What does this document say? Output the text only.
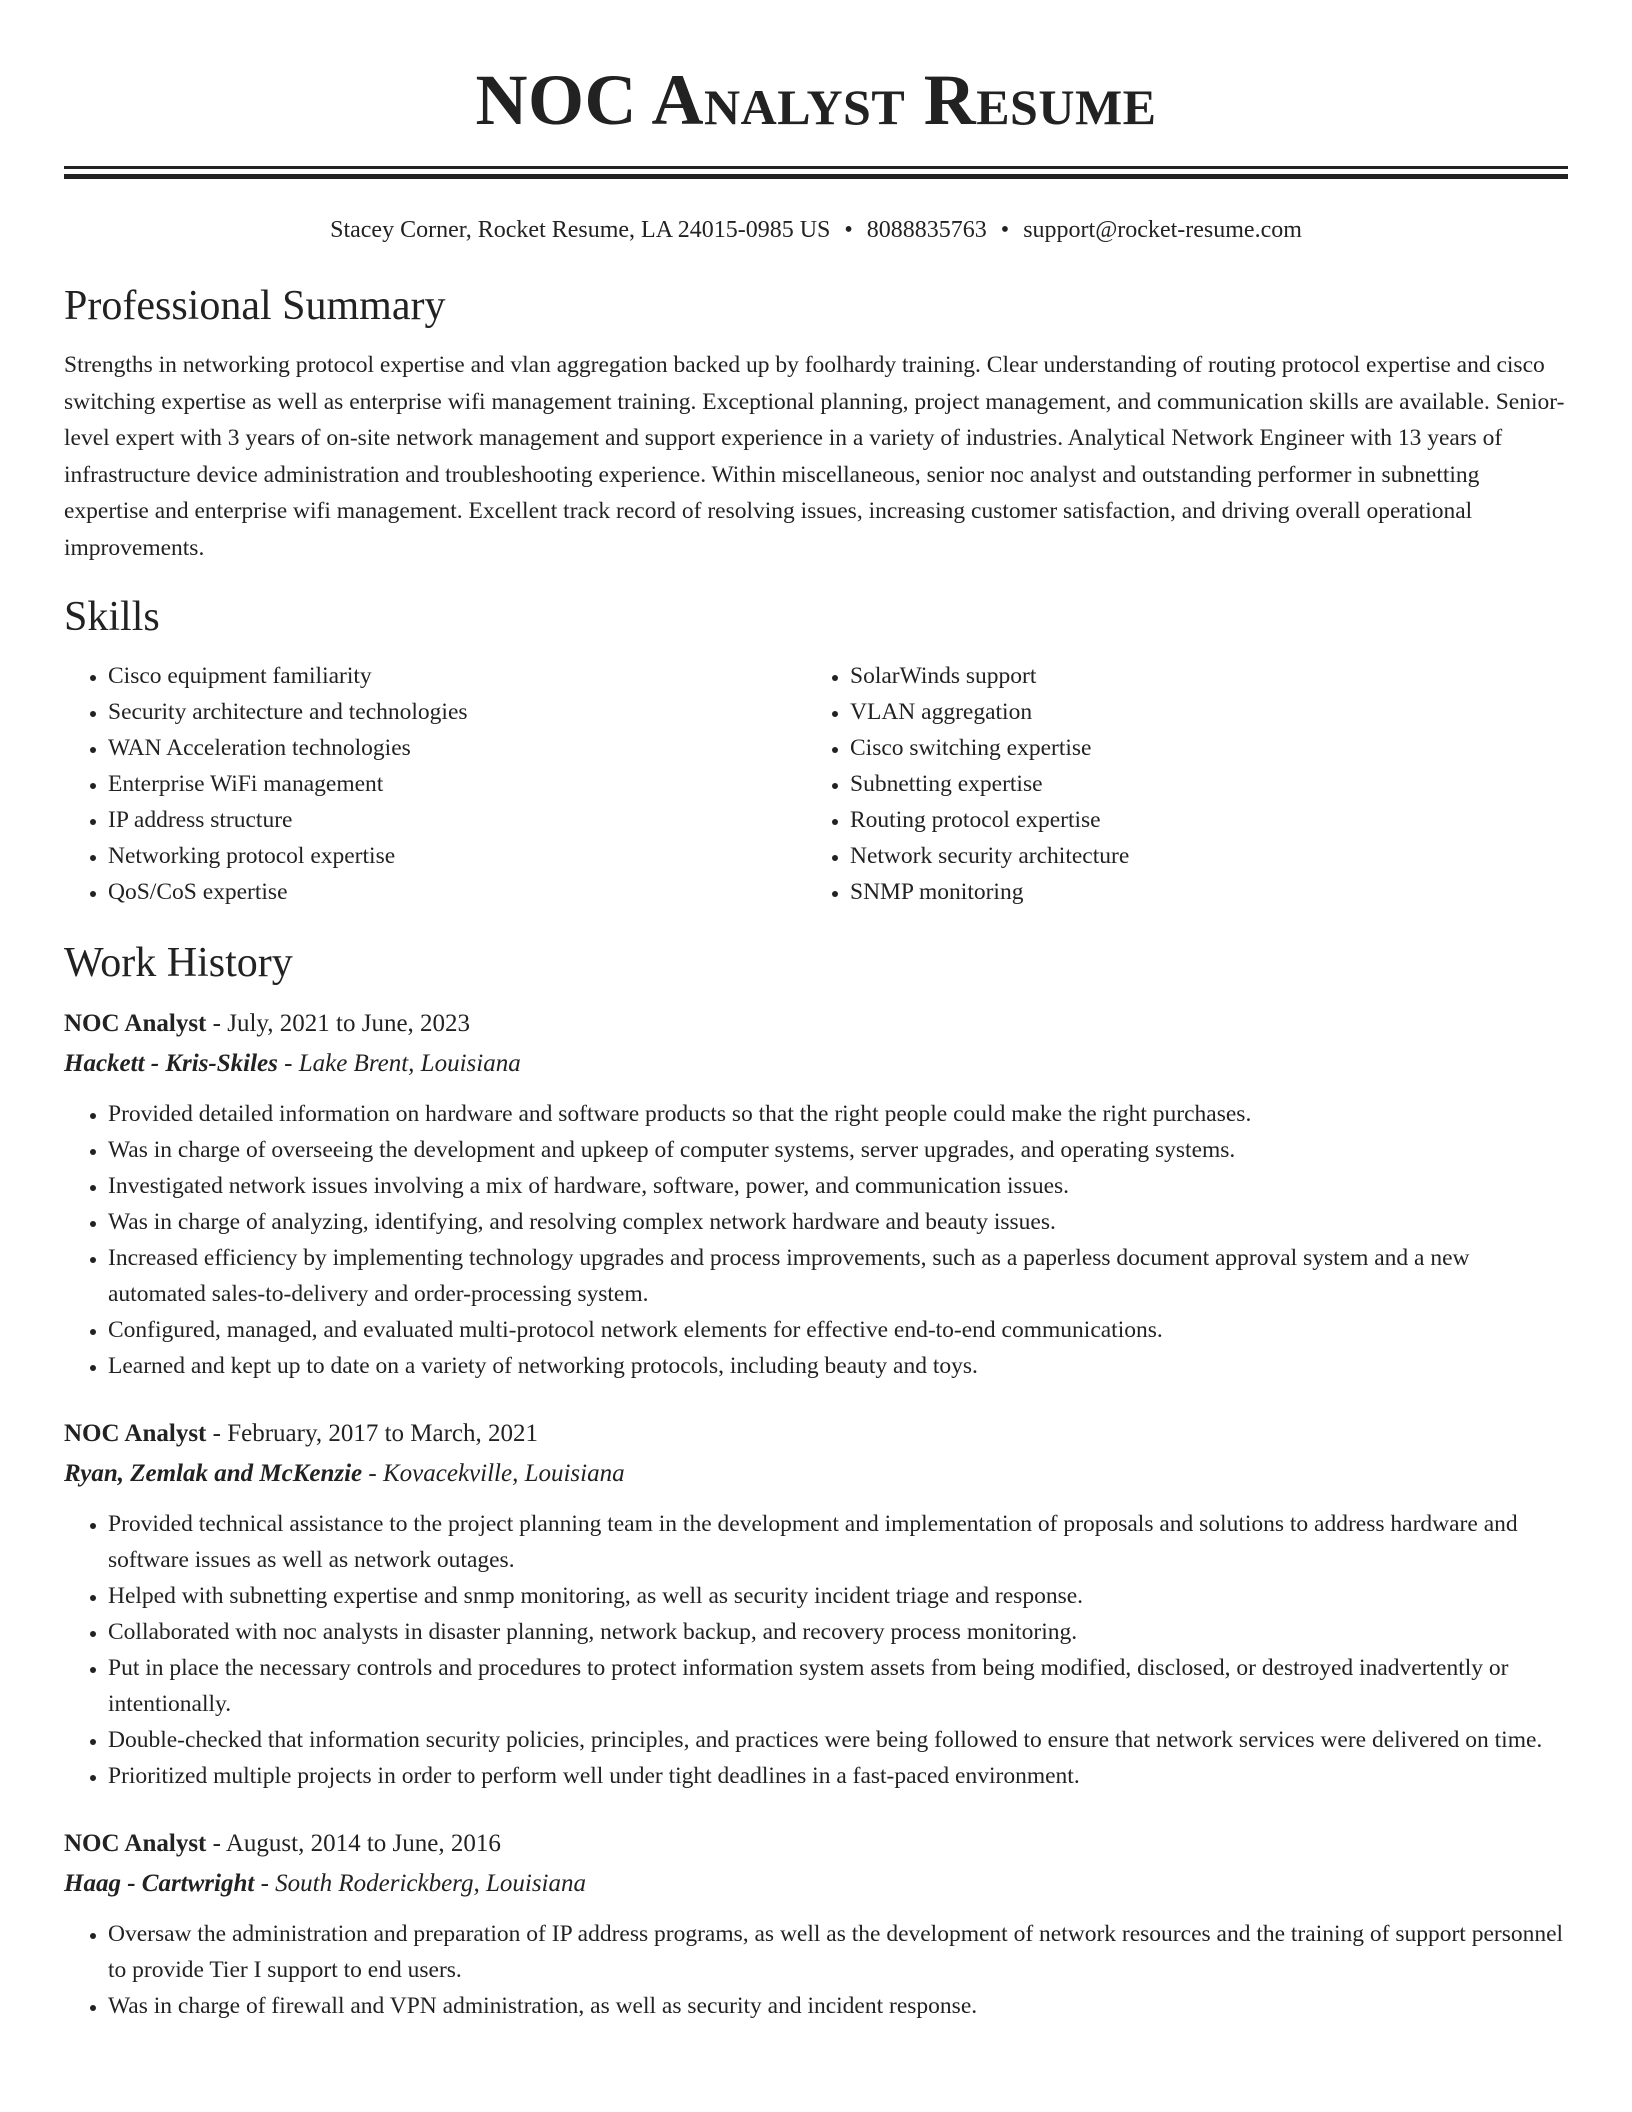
NOC Analyst Resume
Stacey Corner, Rocket Resume, LA 24015-0985 US • 8088835763 • support@rocket-resume.com
Professional Summary

Strengths in networking protocol expertise and vlan aggregation backed up by foolhardy training. Clear understanding of routing protocol expertise and cisco switching expertise as well as enterprise wifi management training. Exceptional planning, project management, and communication skills are available. Senior-level expert with 3 years of on-site network management and support experience in a variety of industries. Analytical Network Engineer with 13 years of infrastructure device administration and troubleshooting experience. Within miscellaneous, senior noc analyst and outstanding performer in subnetting expertise and enterprise wifi management. Excellent track record of resolving issues, increasing customer satisfaction, and driving overall operational improvements.

Skills
• Cisco equipment familiarity
• Security architecture and technologies
• WAN Acceleration technologies
• Enterprise WiFi management
• IP address structure
• Networking protocol expertise
• QoS/CoS expertise
• SolarWinds support
• VLAN aggregation
• Cisco switching expertise
• Subnetting expertise
• Routing protocol expertise
• Network security architecture
• SNMP monitoring
Work History
NOC Analyst - July, 2021 to June, 2023
Hackett - Kris-Skiles - Lake Brent, Louisiana
• Provided detailed information on hardware and software products so that the right people could make the right purchases.
• Was in charge of overseeing the development and upkeep of computer systems, server upgrades, and operating systems.
• Investigated network issues involving a mix of hardware, software, power, and communication issues.
• Was in charge of analyzing, identifying, and resolving complex network hardware and beauty issues.
• Increased efficiency by implementing technology upgrades and process improvements, such as a paperless document approval system and a new automated sales-to-delivery and order-processing system.
• Configured, managed, and evaluated multi-protocol network elements for effective end-to-end communications.
• Learned and kept up to date on a variety of networking protocols, including beauty and toys.
NOC Analyst - February, 2017 to March, 2021
Ryan, Zemlak and McKenzie - Kovacekville, Louisiana
• Provided technical assistance to the project planning team in the development and implementation of proposals and solutions to address hardware and software issues as well as network outages.
• Helped with subnetting expertise and snmp monitoring, as well as security incident triage and response.
• Collaborated with noc analysts in disaster planning, network backup, and recovery process monitoring.
• Put in place the necessary controls and procedures to protect information system assets from being modified, disclosed, or destroyed inadvertently or intentionally.
• Double-checked that information security policies, principles, and practices were being followed to ensure that network services were delivered on time.
• Prioritized multiple projects in order to perform well under tight deadlines in a fast-paced environment.
NOC Analyst - August, 2014 to June, 2016
Haag - Cartwright - South Roderickberg, Louisiana
• Oversaw the administration and preparation of IP address programs, as well as the development of network resources and the training of support personnel to provide Tier I support to end users.
• Was in charge of firewall and VPN administration, as well as security and incident response.
